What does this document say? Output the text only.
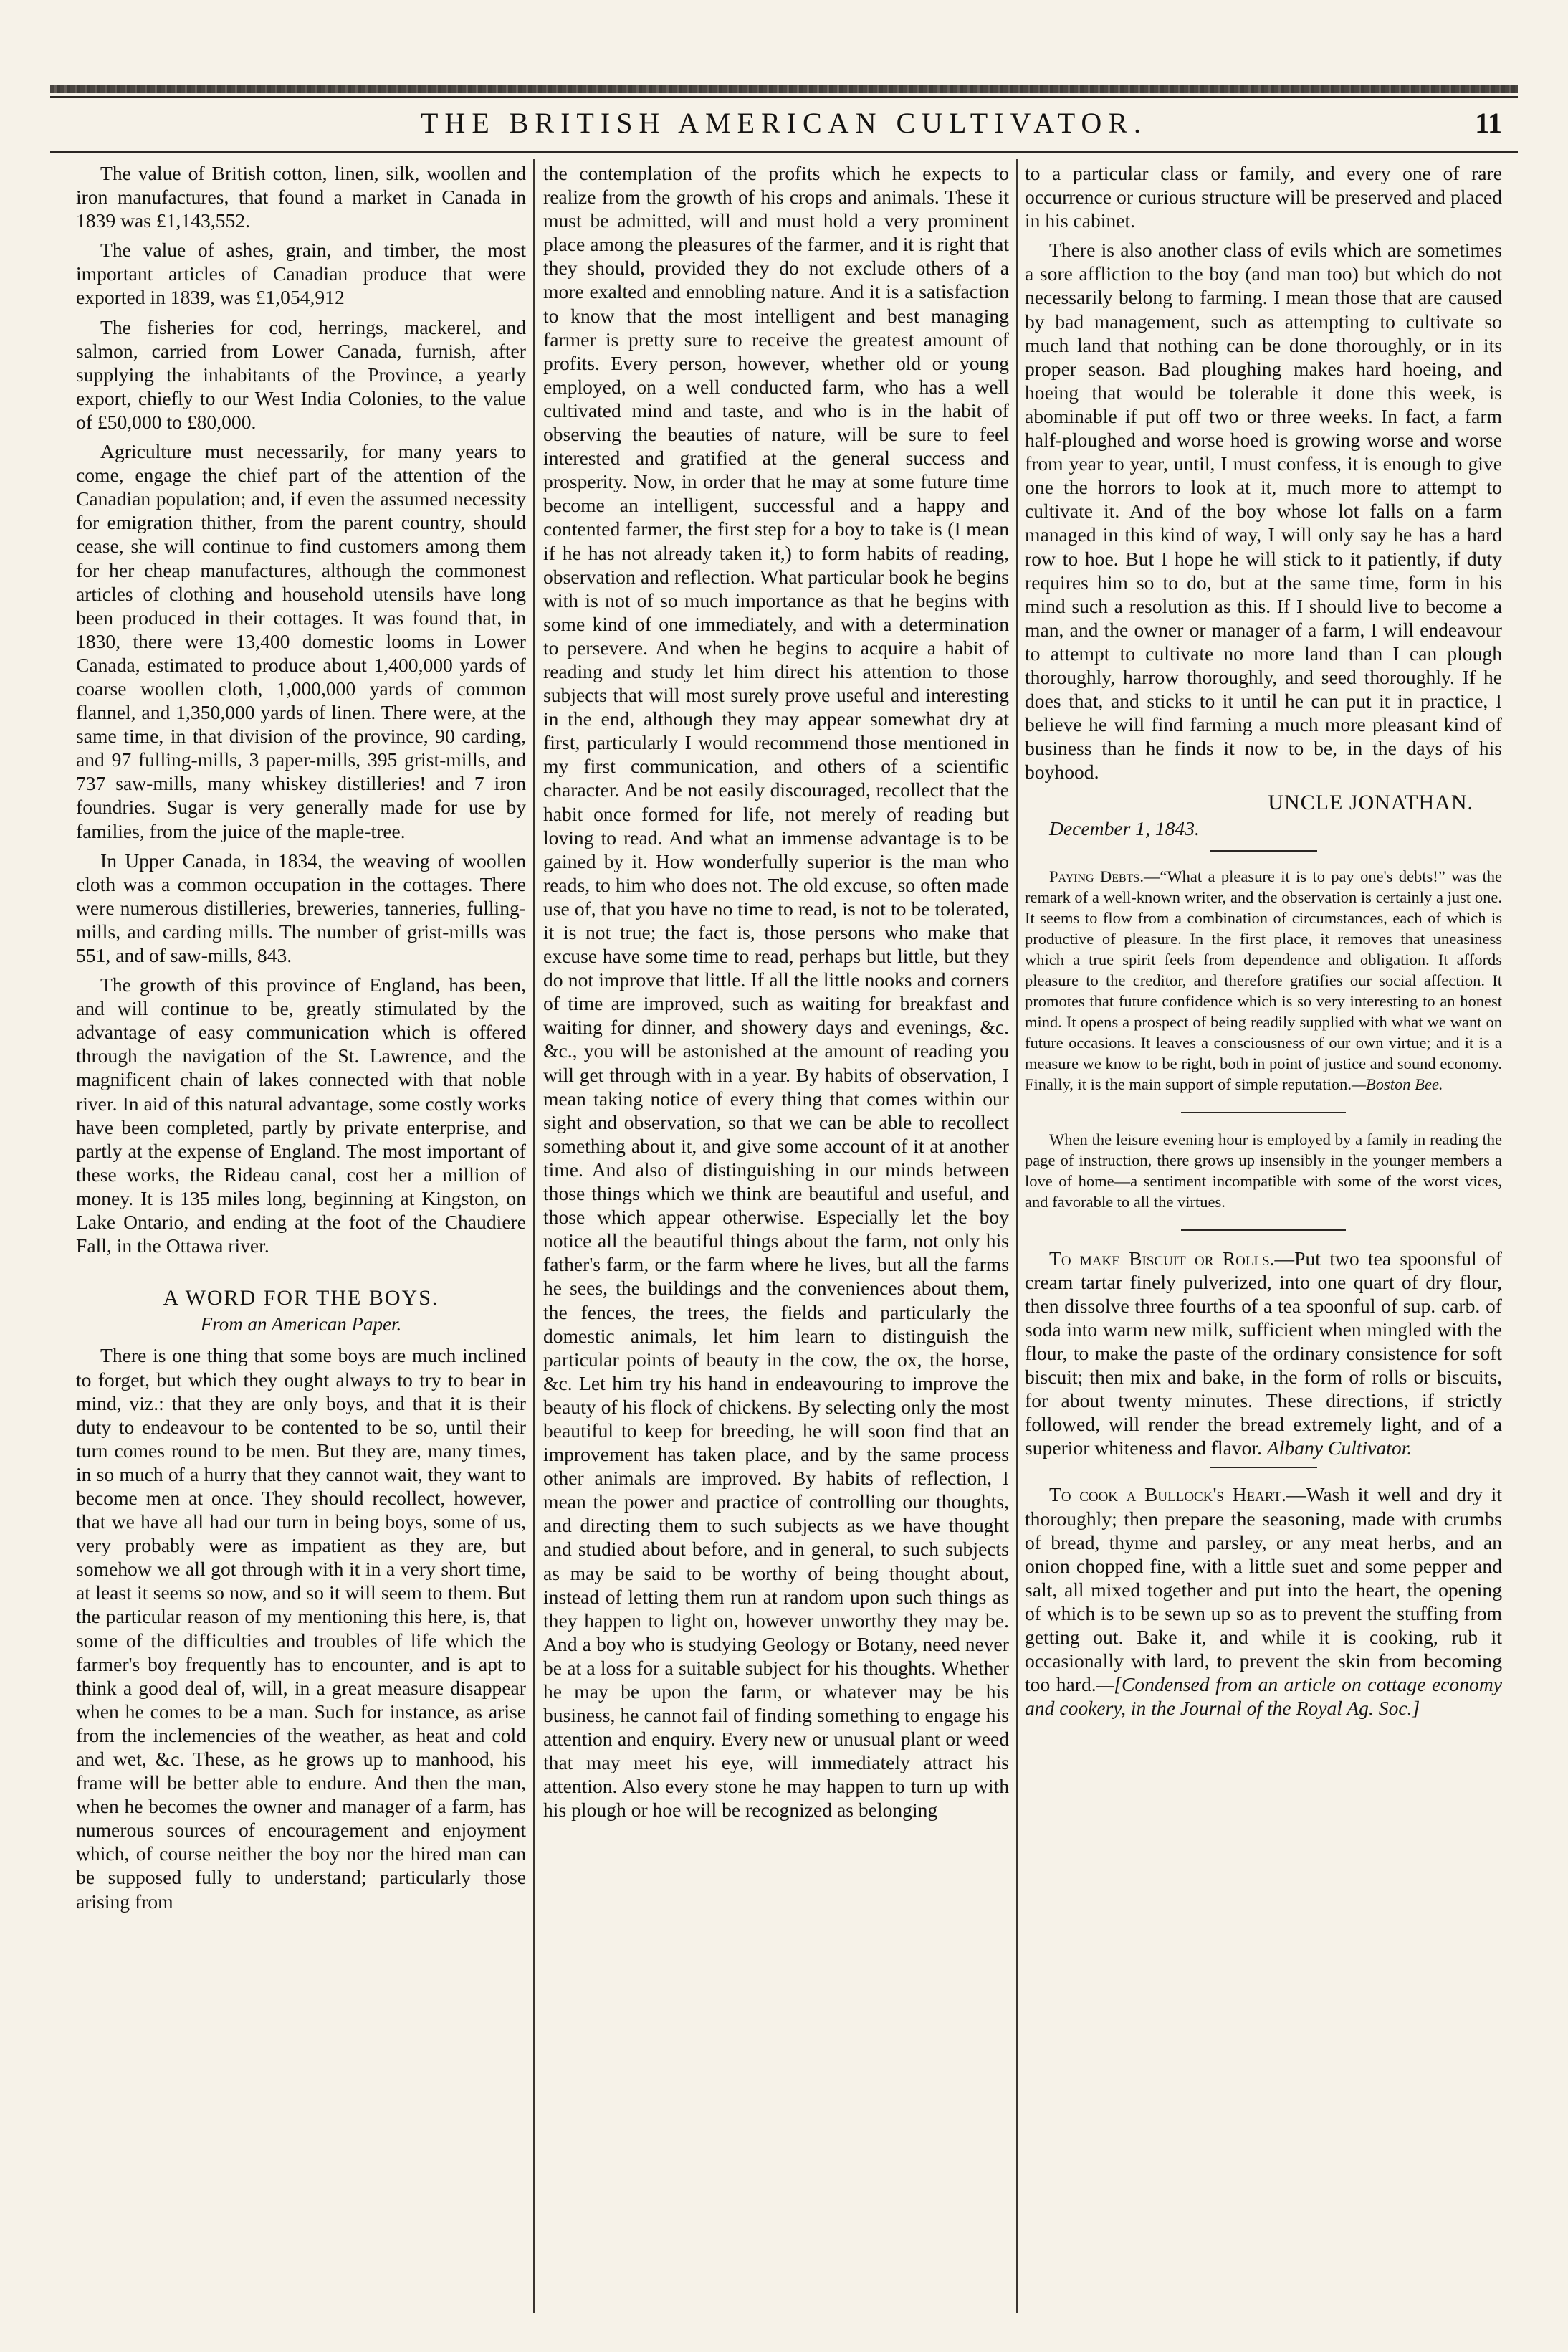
THE BRITISH AMERICAN CULTIVATOR.	11

The value of British cotton, linen, silk, woollen and iron manufactures, that found a market in Canada in 1839 was £1,143,552.

The value of ashes, grain, and timber, the most important articles of Canadian produce that were exported in 1839, was £1,054,912

The fisheries for cod, herrings, mackerel, and salmon, carried from Lower Canada, furnish, after supplying the inhabitants of the Province, a yearly export, chiefly to our West India Colonies, to the value of £50,000 to £80,000.

Agriculture must necessarily, for many years to come, engage the chief part of the attention of the Canadian population; and, if even the assumed necessity for emigration thither, from the parent country, should cease, she will continue to find customers among them for her cheap manufactures, although the commonest articles of clothing and household utensils have long been produced in their cottages. It was found that, in 1830, there were 13,400 domestic looms in Lower Canada, estimated to produce about 1,400,000 yards of coarse woollen cloth, 1,000,000 yards of common flannel, and 1,350,000 yards of linen. There were, at the same time, in that division of the province, 90 carding, and 97 fulling-mills, 3 paper-mills, 395 grist-mills, and 737 saw-mills, many whiskey distilleries! and 7 iron foundries. Sugar is very generally made for use by families, from the juice of the maple-tree.

In Upper Canada, in 1834, the weaving of woollen cloth was a common occupation in the cottages. There were numerous distilleries, breweries, tanneries, fulling-mills, and carding mills. The number of grist-mills was 551, and of saw-mills, 843.

The growth of this province of England, has been, and will continue to be, greatly stimulated by the advantage of easy communication which is offered through the navigation of the St. Lawrence, and the magnificent chain of lakes connected with that noble river. In aid of this natural advantage, some costly works have been completed, partly by private enterprise, and partly at the expense of England. The most important of these works, the Rideau canal, cost her a million of money. It is 135 miles long, beginning at Kingston, on Lake Ontario, and ending at the foot of the Chaudiere Fall, in the Ottawa river.

A WORD FOR THE BOYS.
From an American Paper.

There is one thing that some boys are much inclined to forget, but which they ought always to try to bear in mind, viz.: that they are only boys, and that it is their duty to endeavour to be contented to be so, until their turn comes round to be men. But they are, many times, in so much of a hurry that they cannot wait, they want to become men at once. They should recollect, however, that we have all had our turn in being boys, some of us, very probably were as impatient as they are, but somehow we all got through with it in a very short time, at least it seems so now, and so it will seem to them. But the particular reason of my mentioning this here, is, that some of the difficulties and troubles of life which the farmer's boy frequently has to encounter, and is apt to think a good deal of, will, in a great measure disappear when he comes to be a man. Such for instance, as arise from the inclemencies of the weather, as heat and cold and wet, &c. These, as he grows up to manhood, his frame will be better able to endure. And then the man, when he becomes the owner and manager of a farm, has numerous sources of encouragement and enjoyment which, of course neither the boy nor the hired man can be supposed fully to understand; particularly those arising from

the contemplation of the profits which he expects to realize from the growth of his crops and animals. These it must be admitted, will and must hold a very prominent place among the pleasures of the farmer, and it is right that they should, provided they do not exclude others of a more exalted and ennobling nature. And it is a satisfaction to know that the most intelligent and best managing farmer is pretty sure to receive the greatest amount of profits. Every person, however, whether old or young employed, on a well conducted farm, who has a well cultivated mind and taste, and who is in the habit of observing the beauties of nature, will be sure to feel interested and gratified at the general success and prosperity. Now, in order that he may at some future time become an intelligent, successful and a happy and contented farmer, the first step for a boy to take is (I mean if he has not already taken it,) to form habits of reading, observation and reflection. What particular book he begins with is not of so much importance as that he begins with some kind of one immediately, and with a determination to persevere. And when he begins to acquire a habit of reading and study let him direct his attention to those subjects that will most surely prove useful and interesting in the end, although they may appear somewhat dry at first, particularly I would recommend those mentioned in my first communication, and others of a scientific character. And be not easily discouraged, recollect that the habit once formed for life, not merely of reading but loving to read. And what an immense advantage is to be gained by it. How wonderfully superior is the man who reads, to him who does not. The old excuse, so often made use of, that you have no time to read, is not to be tolerated, it is not true; the fact is, those persons who make that excuse have some time to read, perhaps but little, but they do not improve that little. If all the little nooks and corners of time are improved, such as waiting for breakfast and waiting for dinner, and showery days and evenings, &c. &c., you will be astonished at the amount of reading you will get through with in a year. By habits of observation, I mean taking notice of every thing that comes within our sight and observation, so that we can be able to recollect something about it, and give some account of it at another time. And also of distinguishing in our minds between those things which we think are beautiful and useful, and those which appear otherwise. Especially let the boy notice all the beautiful things about the farm, not only his father's farm, or the farm where he lives, but all the farms he sees, the buildings and the conveniences about them, the fences, the trees, the fields and particularly the domestic animals, let him learn to distinguish the particular points of beauty in the cow, the ox, the horse, &c. Let him try his hand in endeavouring to improve the beauty of his flock of chickens. By selecting only the most beautiful to keep for breeding, he will soon find that an improvement has taken place, and by the same process other animals are improved. By habits of reflection, I mean the power and practice of controlling our thoughts, and directing them to such subjects as we have thought and studied about before, and in general, to such subjects as may be said to be worthy of being thought about, instead of letting them run at random upon such things as they happen to light on, however unworthy they may be. And a boy who is studying Geology or Botany, need never be at a loss for a suitable subject for his thoughts. Whether he may be upon the farm, or whatever may be his business, he cannot fail of finding something to engage his attention and enquiry. Every new or unusual plant or weed that may meet his eye, will immediately attract his attention. Also every stone he may happen to turn up with his plough or hoe will be recognized as belonging

to a particular class or family, and every one of rare occurrence or curious structure will be preserved and placed in his cabinet.

There is also another class of evils which are sometimes a sore affliction to the boy (and man too) but which do not necessarily belong to farming. I mean those that are caused by bad management, such as attempting to cultivate so much land that nothing can be done thoroughly, or in its proper season. Bad ploughing makes hard hoeing, and hoeing that would be tolerable it done this week, is abominable if put off two or three weeks. In fact, a farm half-ploughed and worse hoed is growing worse and worse from year to year, until, I must confess, it is enough to give one the horrors to look at it, much more to attempt to cultivate it. And of the boy whose lot falls on a farm managed in this kind of way, I will only say he has a hard row to hoe. But I hope he will stick to it patiently, if duty requires him so to do, but at the same time, form in his mind such a resolution as this. If I should live to become a man, and the owner or manager of a farm, I will endeavour to attempt to cultivate no more land than I can plough thoroughly, harrow thoroughly, and seed thoroughly. If he does that, and sticks to it until he can put it in practice, I believe he will find farming a much more pleasant kind of business than he finds it now to be, in the days of his boyhood.

UNCLE JONATHAN.
December 1, 1843.

Paying Debts.—“What a pleasure it is to pay one's debts!” was the remark of a well-known writer, and the observation is certainly a just one. It seems to flow from a combination of circumstances, each of which is productive of pleasure. In the first place, it removes that uneasiness which a true spirit feels from dependence and obligation. It affords pleasure to the creditor, and therefore gratifies our social affection. It promotes that future confidence which is so very interesting to an honest mind. It opens a prospect of being readily supplied with what we want on future occasions. It leaves a consciousness of our own virtue; and it is a measure we know to be right, both in point of justice and sound economy. Finally, it is the main support of simple reputation.—Boston Bee.

When the leisure evening hour is employed by a family in reading the page of instruction, there grows up insensibly in the younger members a love of home—a sentiment incompatible with some of the worst vices, and favorable to all the virtues.

To make Biscuit or Rolls.—Put two tea spoonsful of cream tartar finely pulverized, into one quart of dry flour, then dissolve three fourths of a tea spoonful of sup. carb. of soda into warm new milk, sufficient when mingled with the flour, to make the paste of the ordinary consistence for soft biscuit; then mix and bake, in the form of rolls or biscuits, for about twenty minutes. These directions, if strictly followed, will render the bread extremely light, and of a superior whiteness and flavor. Albany Cultivator.

To cook a Bullock's Heart.—Wash it well and dry it thoroughly; then prepare the seasoning, made with crumbs of bread, thyme and parsley, or any meat herbs, and an onion chopped fine, with a little suet and some pepper and salt, all mixed together and put into the heart, the opening of which is to be sewn up so as to prevent the stuffing from getting out. Bake it, and while it is cooking, rub it occasionally with lard, to prevent the skin from becoming too hard.—[Condensed from an article on cottage economy and cookery, in the Journal of the Royal Ag. Soc.]
